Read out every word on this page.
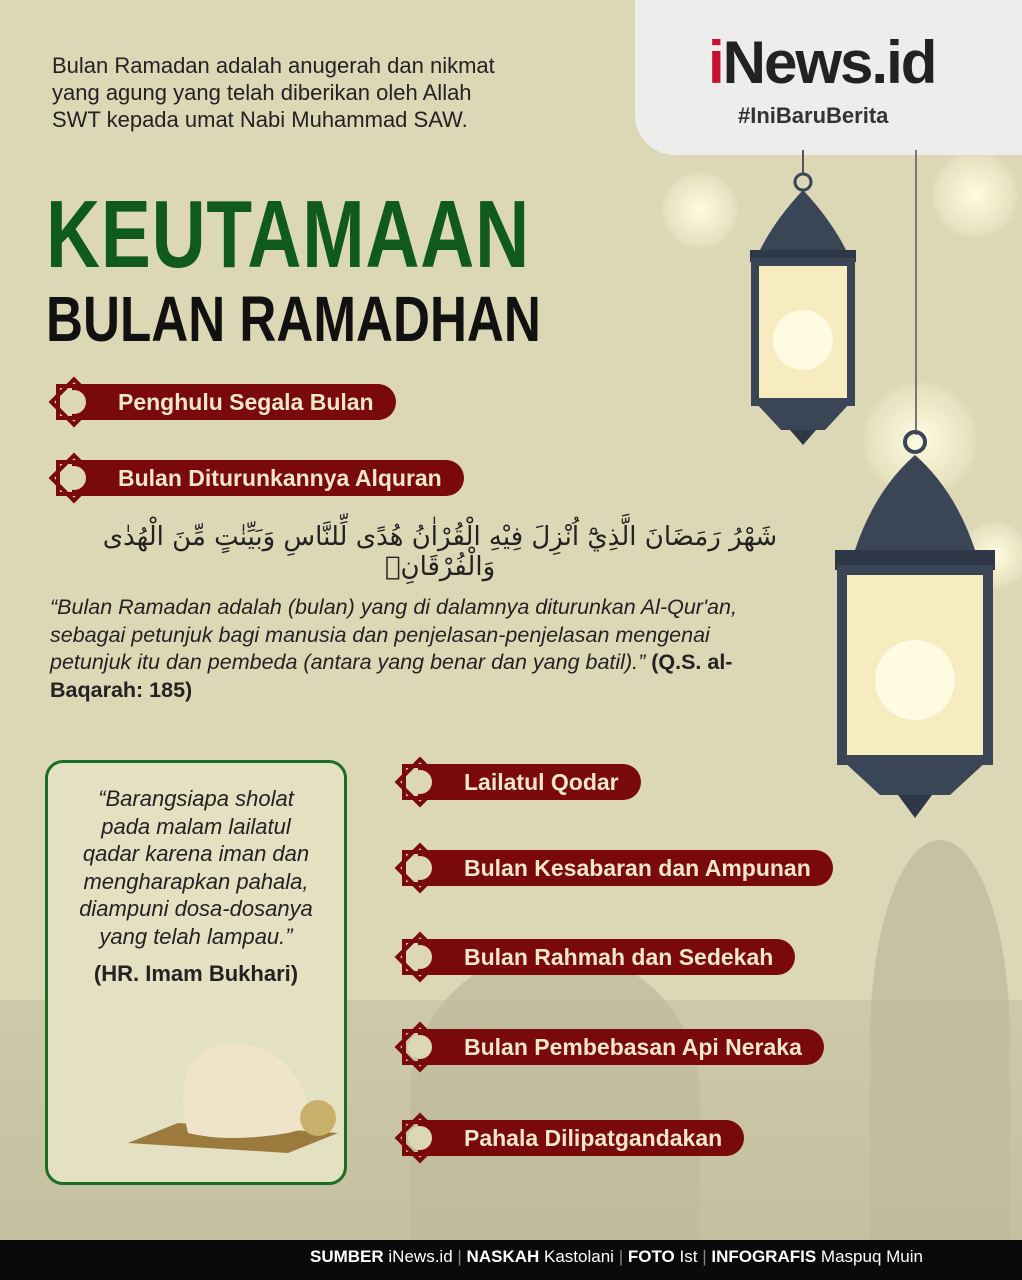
iNews.id
#IniBaruBerita
Bulan Ramadan adalah anugerah dan nikmat yang agung yang telah diberikan oleh Allah SWT kepada umat Nabi Muhammad SAW.
KEUTAMAAN
BULAN RAMADHAN
Penghulu Segala Bulan
Bulan Diturunkannya Alquran
شَهْرُ رَمَضَانَ الَّذِيْٓ اُنْزِلَ فِيْهِ الْقُرْاٰنُ هُدًى لِّلنَّاسِ وَبَيِّنٰتٍ مِّنَ الْهُدٰى وَالْفُرْقَانِۚ
“Bulan Ramadan adalah (bulan) yang di dalamnya diturunkan Al-Qur'an, sebagai petunjuk bagi manusia dan penjelasan-penjelasan mengenai petunjuk itu dan pembeda (antara yang benar dan yang batil).” (Q.S. al-Baqarah: 185)

“Barangsiapa sholat pada malam lailatul qadar karena iman dan mengharapkan pahala, diampuni dosa-dosanya yang telah lampau.”

(HR. Imam Bukhari)

Lailatul Qodar
Bulan Kesabaran dan Ampunan
Bulan Rahmah dan Sedekah
Bulan Pembebasan Api Neraka
Pahala Dilipatgandakan
SUMBER iNews.id | NASKAH Kastolani | FOTO Ist | INFOGRAFIS Maspuq Muin
